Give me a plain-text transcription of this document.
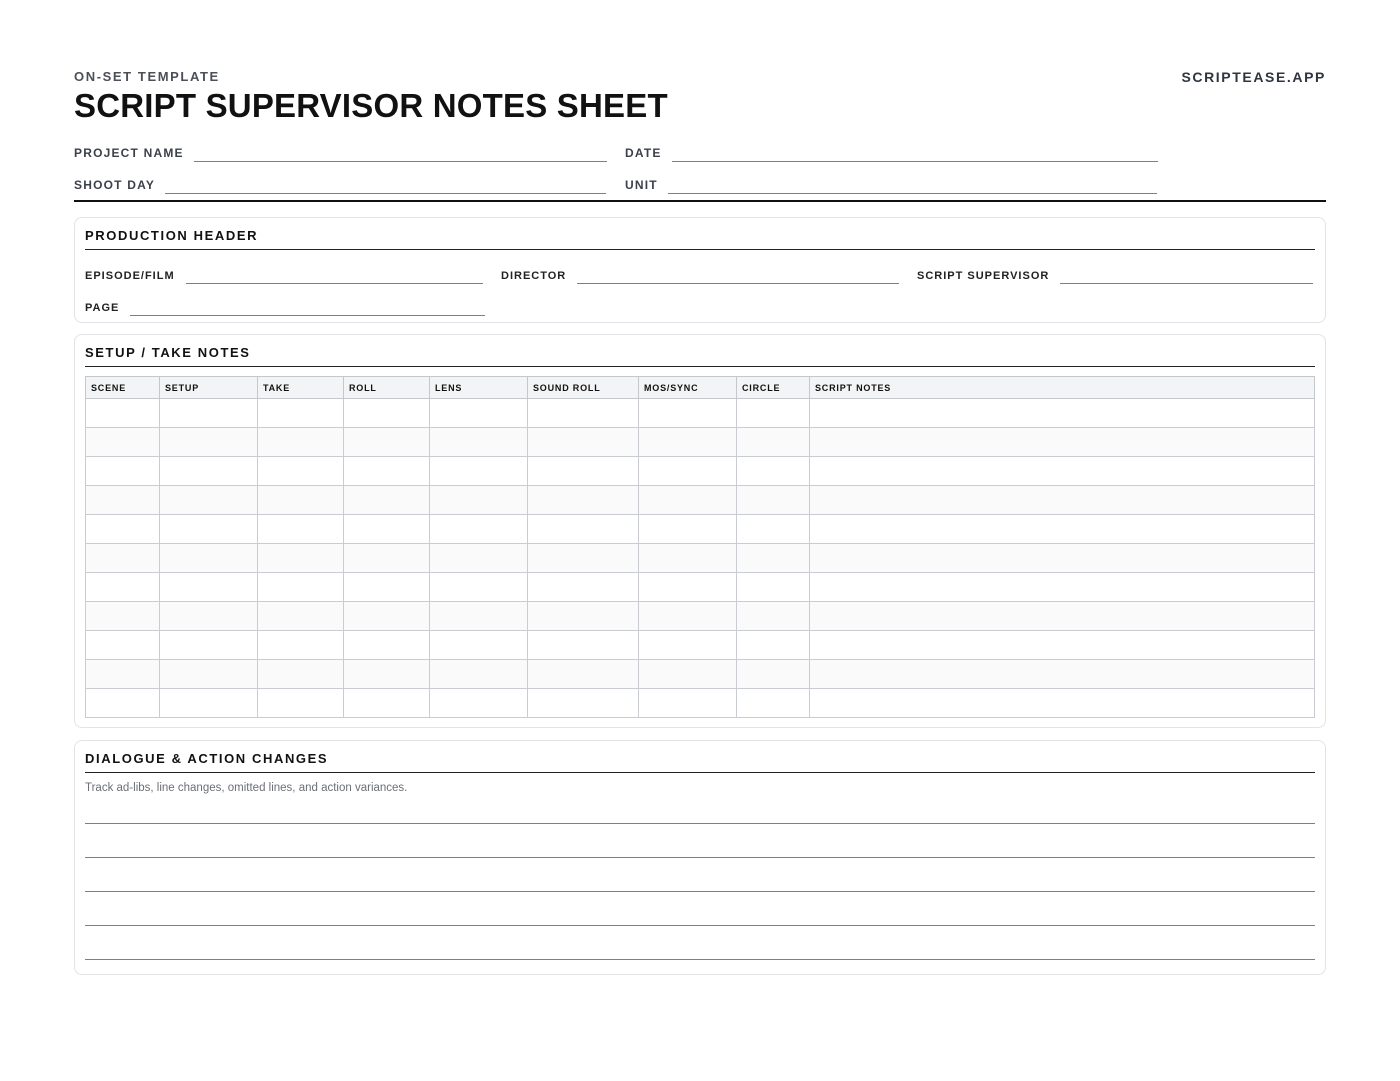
ON-SET TEMPLATE
SCRIPT SUPERVISOR NOTES SHEET
SCRIPTEASE.APP
PROJECT NAME	DATE
SHOOT DAY	UNIT
PRODUCTION HEADER
EPISODE/FILM	DIRECTOR	SCRIPT SUPERVISOR
PAGE
SETUP / TAKE NOTES
SCENE	SETUP	TAKE	ROLL	LENS	SOUND ROLL	MOS/SYNC	CIRCLE	SCRIPT NOTES

DIALOGUE & ACTION CHANGES
Track ad-libs, line changes, omitted lines, and action variances.
